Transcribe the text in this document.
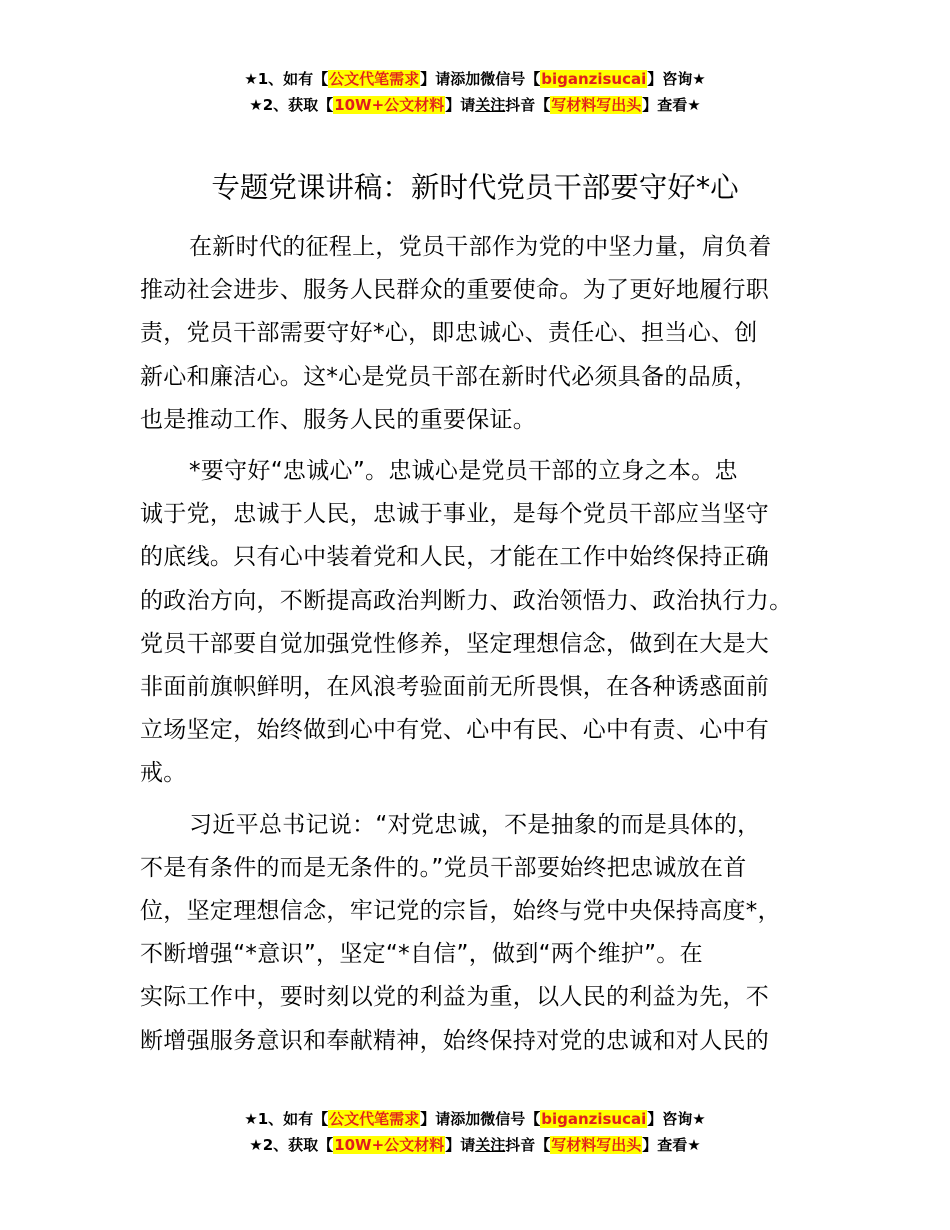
★1、如有【公文代笔需求】请添加微信号【biganzisucai】咨询★
★2、获取【10W+公文材料】请关注抖音【写材料写出头】查看★
专题党课讲稿：新时代党员干部要守好*心
在新时代的征程上，党员干部作为党的中坚力量，肩负着
推动社会进步、服务人民群众的重要使命。为了更好地履行职
责，党员干部需要守好*心，即忠诚心、责任心、担当心、创
新心和廉洁心。这*心是党员干部在新时代必须具备的品质，
也是推动工作、服务人民的重要保证。
*要守好“忠诚心”。忠诚心是党员干部的立身之本。忠
诚于党，忠诚于人民，忠诚于事业，是每个党员干部应当坚守
的底线。只有心中装着党和人民，才能在工作中始终保持正确
的政治方向，不断提高政治判断力、政治领悟力、政治执行力。
党员干部要自觉加强党性修养，坚定理想信念，做到在大是大
非面前旗帜鲜明，在风浪考验面前无所畏惧，在各种诱惑面前
立场坚定，始终做到心中有党、心中有民、心中有责、心中有
戒。
习近平总书记说：“对党忠诚，不是抽象的而是具体的，
不是有条件的而是无条件的。”党员干部要始终把忠诚放在首
位，坚定理想信念，牢记党的宗旨，始终与党中央保持高度*，
不断增强“*意识”，坚定“*自信”，做到“两个维护”。在
实际工作中，要时刻以党的利益为重，以人民的利益为先，不
断增强服务意识和奉献精神，始终保持对党的忠诚和对人民的
★1、如有【公文代笔需求】请添加微信号【biganzisucai】咨询★
★2、获取【10W+公文材料】请关注抖音【写材料写出头】查看★
